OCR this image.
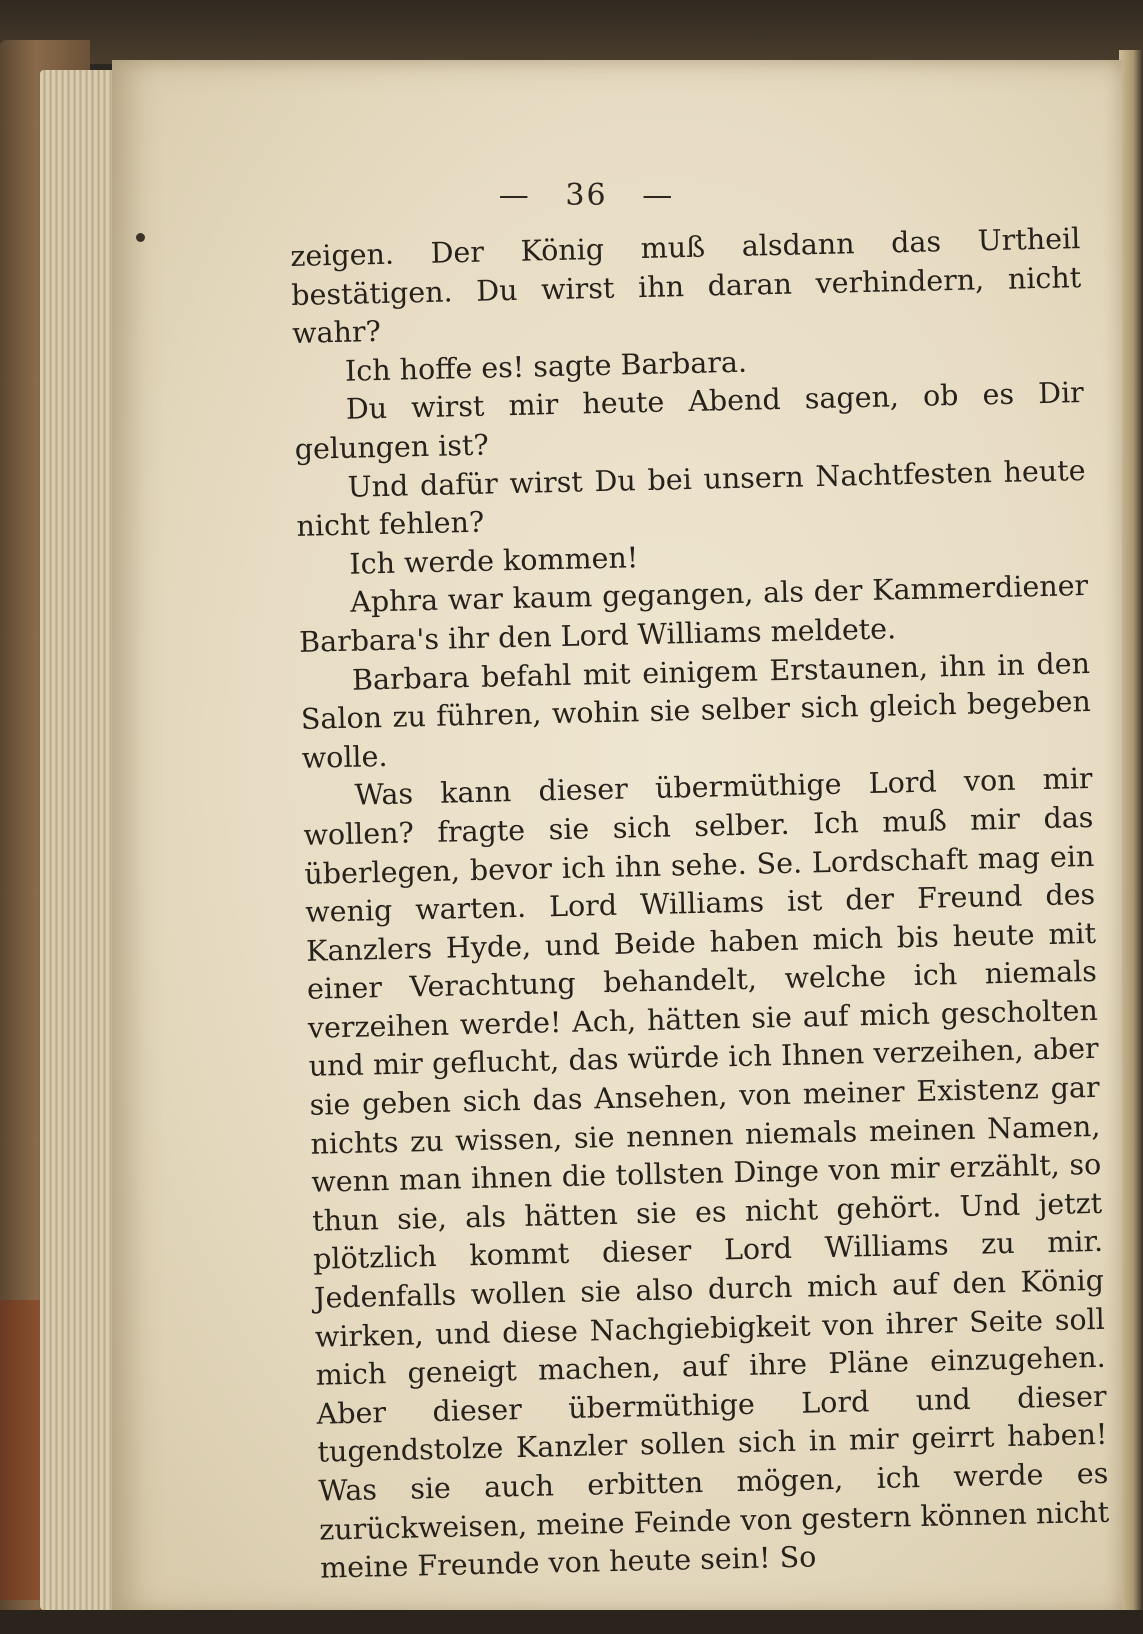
— 36 —

zeigen. Der König muß alsdann das Urtheil bestätigen. Du wirst ihn daran verhindern, nicht wahr?

Ich hoffe es! sagte Barbara.

Du wirst mir heute Abend sagen, ob es Dir gelungen ist?

Und dafür wirst Du bei unsern Nachtfesten heute nicht fehlen?

Ich werde kommen!

Aphra war kaum gegangen, als der Kammerdiener Barbara's ihr den Lord Williams meldete.

Barbara befahl mit einigem Erstaunen, ihn in den Salon zu führen, wohin sie selber sich gleich begeben wolle.

Was kann dieser übermüthige Lord von mir wollen? fragte sie sich selber. Ich muß mir das überlegen, bevor ich ihn sehe. Se. Lordschaft mag ein wenig warten. Lord Williams ist der Freund des Kanzlers Hyde, und Beide haben mich bis heute mit einer Verachtung behandelt, welche ich niemals verzeihen werde! Ach, hätten sie auf mich gescholten und mir geflucht, das würde ich Ihnen verzeihen, aber sie geben sich das Ansehen, von meiner Existenz gar nichts zu wissen, sie nennen niemals meinen Namen, wenn man ihnen die tollsten Dinge von mir erzählt, so thun sie, als hätten sie es nicht gehört. Und jetzt plötzlich kommt dieser Lord Williams zu mir. Jedenfalls wollen sie also durch mich auf den König wirken, und diese Nachgiebigkeit von ihrer Seite soll mich geneigt machen, auf ihre Pläne einzugehen. Aber dieser übermüthige Lord und dieser tugendstolze Kanzler sollen sich in mir geirrt haben! Was sie auch erbitten mögen, ich werde es zurückweisen, meine Feinde von gestern können nicht meine Freunde von heute sein! So
